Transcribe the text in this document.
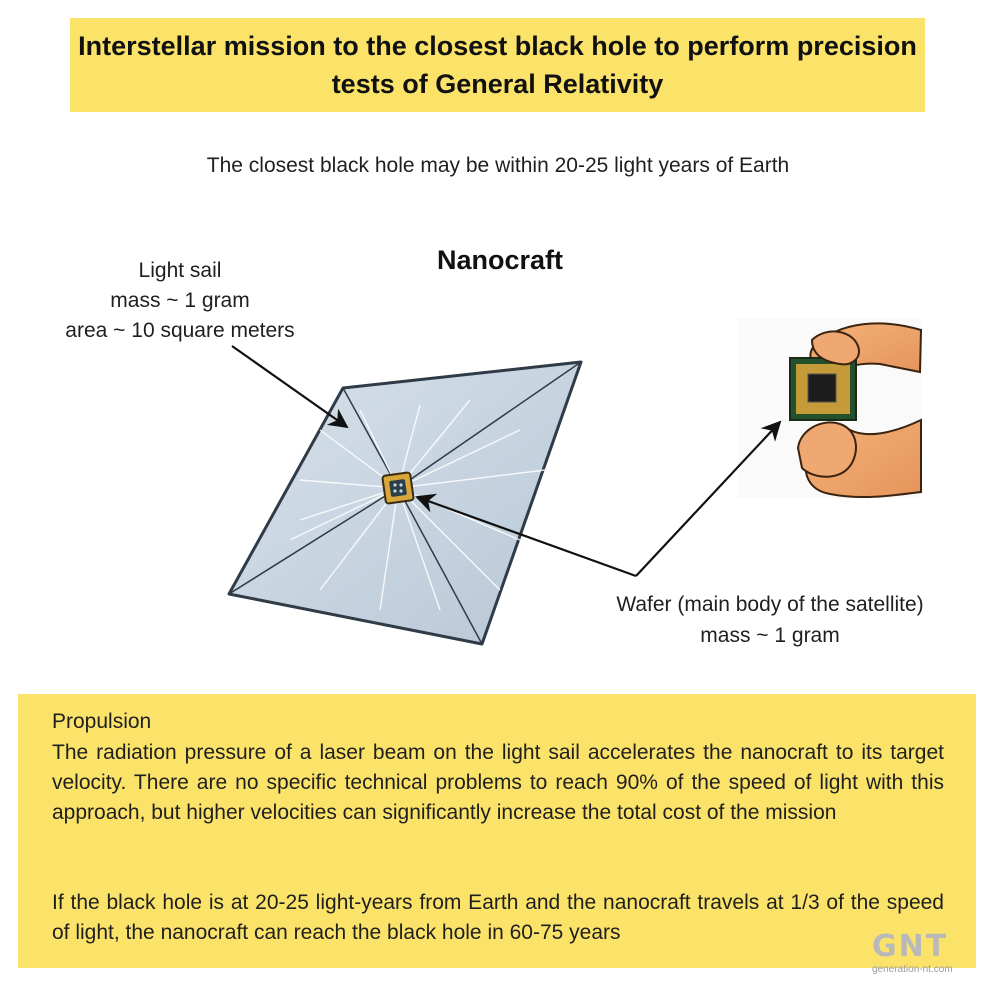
Interstellar mission to the closest black hole to perform precision tests of General Relativity
The closest black hole may be within 20-25 light years of Earth
Nanocraft
Light sail
mass ~ 1 gram
area ~ 10 square meters
Wafer (main body of the satellite)
mass ~ 1 gram
Propulsion
The radiation pressure of a laser beam on the light sail accelerates the nanocraft to its target velocity. There are no specific technical problems to reach 90% of the speed of light with this approach, but higher velocities can significantly increase the total cost of the mission
If the black hole is at 20-25 light-years from Earth and the nanocraft travels at 1/3 of the speed of light, the nanocraft can reach the black hole in 60-75 years	GNT
generation-nt.com
